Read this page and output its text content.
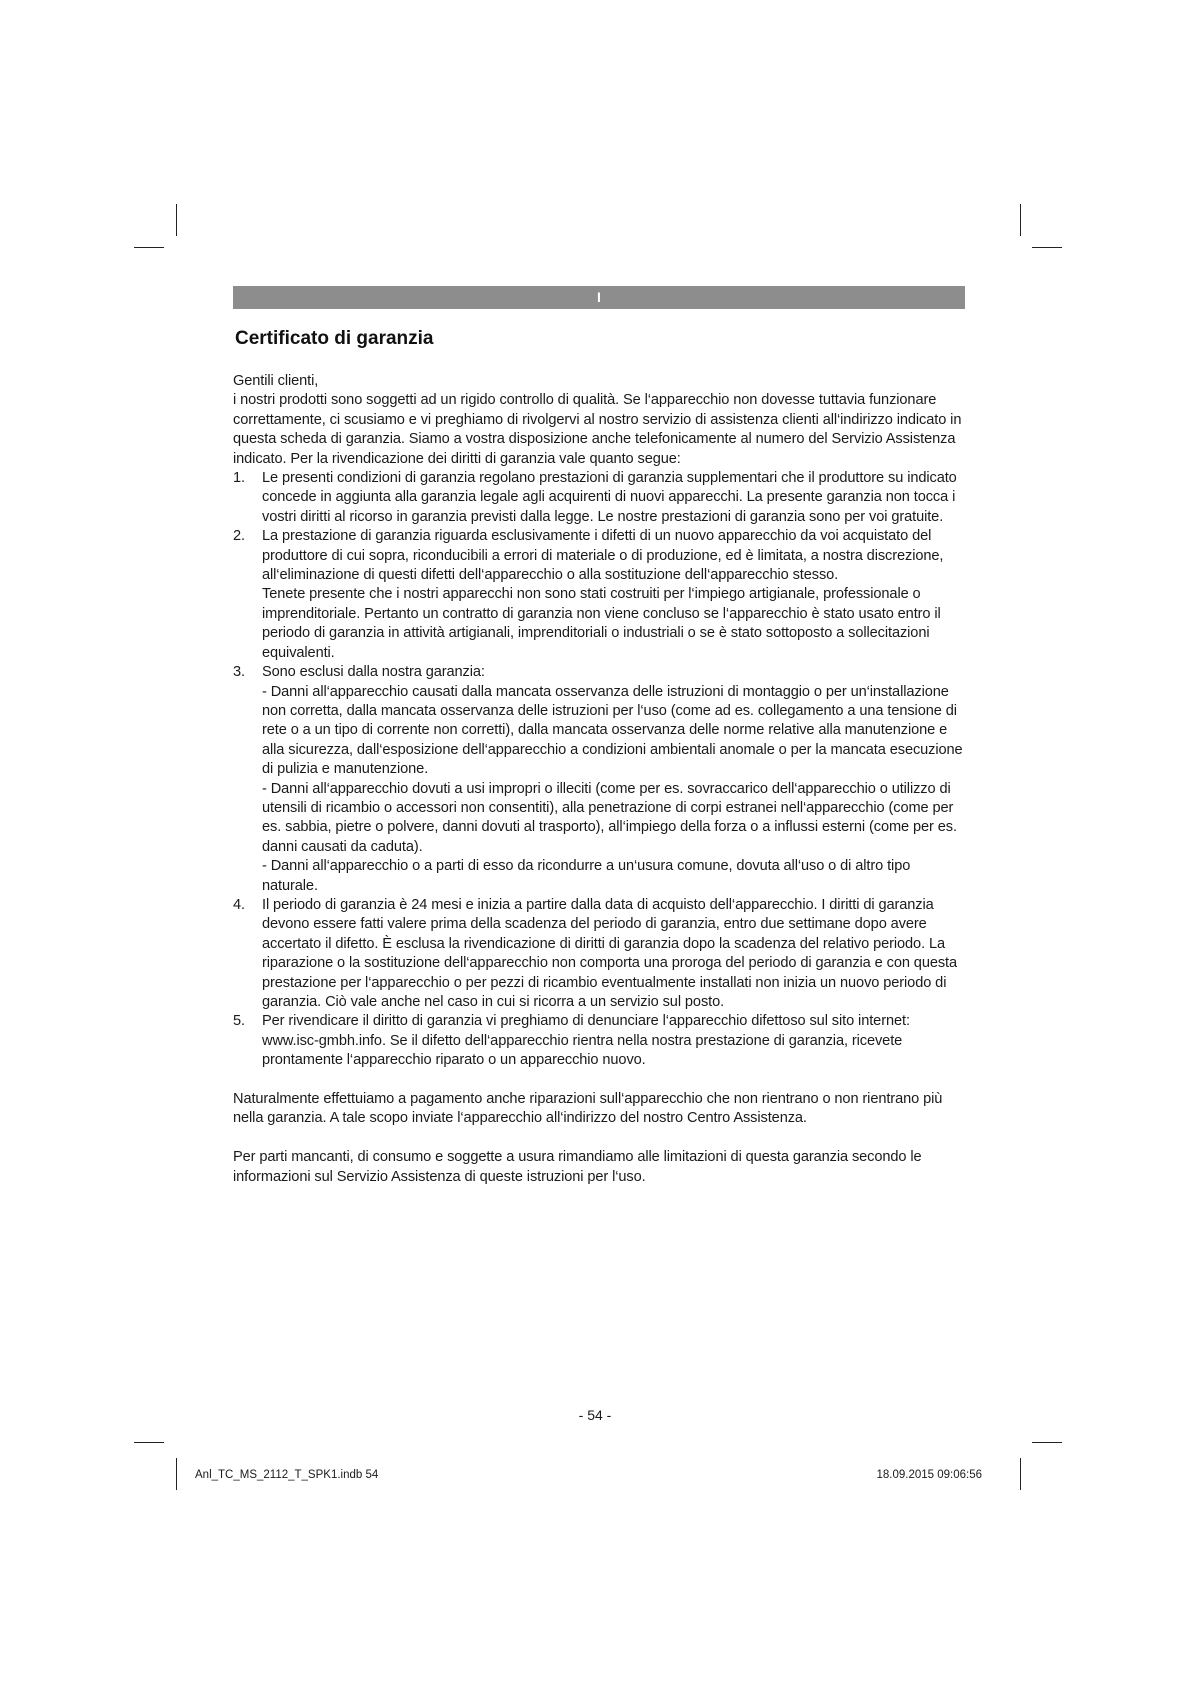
I
Certificato di garanzia

Gentili clienti,

i nostri prodotti sono soggetti ad un rigido controllo di qualità. Se l‘apparecchio non dovesse tuttavia funzionare correttamente, ci scusiamo e vi preghiamo di rivolgervi al nostro servizio di assistenza clienti all‘indirizzo indicato in questa scheda di garanzia. Siamo a vostra disposizione anche telefonicamente al numero del Servizio Assistenza indicato. Per la rivendicazione dei diritti di garanzia vale quanto segue:

1. Le presenti condizioni di garanzia regolano prestazioni di garanzia supplementari che il produttore su indicato concede in aggiunta alla garanzia legale agli acquirenti di nuovi apparecchi. La presente garanzia non tocca i vostri diritti al ricorso in garanzia previsti dalla legge. Le nostre prestazioni di garanzia sono per voi gratuite.
2. La prestazione di garanzia riguarda esclusivamente i difetti di un nuovo apparecchio da voi acquistato del produttore di cui sopra, riconducibili a errori di materiale o di produzione, ed è limitata, a nostra discrezione, all‘eliminazione di questi difetti dell‘apparecchio o alla sostituzione dell‘apparecchio stesso.
Tenete presente che i nostri apparecchi non sono stati costruiti per l‘impiego artigianale, professionale o imprenditoriale. Pertanto un contratto di garanzia non viene concluso se l‘apparecchio è stato usato entro il periodo di garanzia in attività artigianali, imprenditoriali o industriali o se è stato sottoposto a sollecitazioni equivalenti.
3. Sono esclusi dalla nostra garanzia:
- Danni all‘apparecchio causati dalla mancata osservanza delle istruzioni di montaggio o per un‘installazione non corretta, dalla mancata osservanza delle istruzioni per l‘uso (come ad es. collegamento a una tensione di rete o a un tipo di corrente non corretti), dalla mancata osservanza delle norme relative alla manutenzione e alla sicurezza, dall‘esposizione dell‘apparecchio a condizioni ambientali anomale o per la mancata esecuzione di pulizia e manutenzione.
- Danni all‘apparecchio dovuti a usi impropri o illeciti (come per es. sovraccarico dell‘apparecchio o utilizzo di utensili di ricambio o accessori non consentiti), alla penetrazione di corpi estranei nell‘apparecchio (come per es. sabbia, pietre o polvere, danni dovuti al trasporto), all‘impiego della forza o a influssi esterni (come per es. danni causati da caduta).
- Danni all‘apparecchio o a parti di esso da ricondurre a un‘usura comune, dovuta all‘uso o di altro tipo naturale.
4. Il periodo di garanzia è 24 mesi e inizia a partire dalla data di acquisto dell‘apparecchio. I diritti di garanzia devono essere fatti valere prima della scadenza del periodo di garanzia, entro due settimane dopo avere accertato il difetto. È esclusa la rivendicazione di diritti di garanzia dopo la scadenza del relativo periodo. La riparazione o la sostituzione dell‘apparecchio non comporta una proroga del periodo di garanzia e con questa prestazione per l‘apparecchio o per pezzi di ricambio eventualmente installati non inizia un nuovo periodo di garanzia. Ciò vale anche nel caso in cui si ricorra a un servizio sul posto.
5. Per rivendicare il diritto di garanzia vi preghiamo di denunciare l‘apparecchio difettoso sul sito internet: www.isc-gmbh.info. Se il difetto dell‘apparecchio rientra nella nostra prestazione di garanzia, ricevete prontamente l‘apparecchio riparato o un apparecchio nuovo.

Naturalmente effettuiamo a pagamento anche riparazioni sull‘apparecchio che non rientrano o non rientrano più nella garanzia. A tale scopo inviate l‘apparecchio all‘indirizzo del nostro Centro Assistenza.

Per parti mancanti, di consumo e soggette a usura rimandiamo alle limitazioni di questa garanzia secondo le informazioni sul Servizio Assistenza di queste istruzioni per l‘uso.

- 54 -
Anl_TC_MS_2112_T_SPK1.indb 54	18.09.2015 09:06:56
